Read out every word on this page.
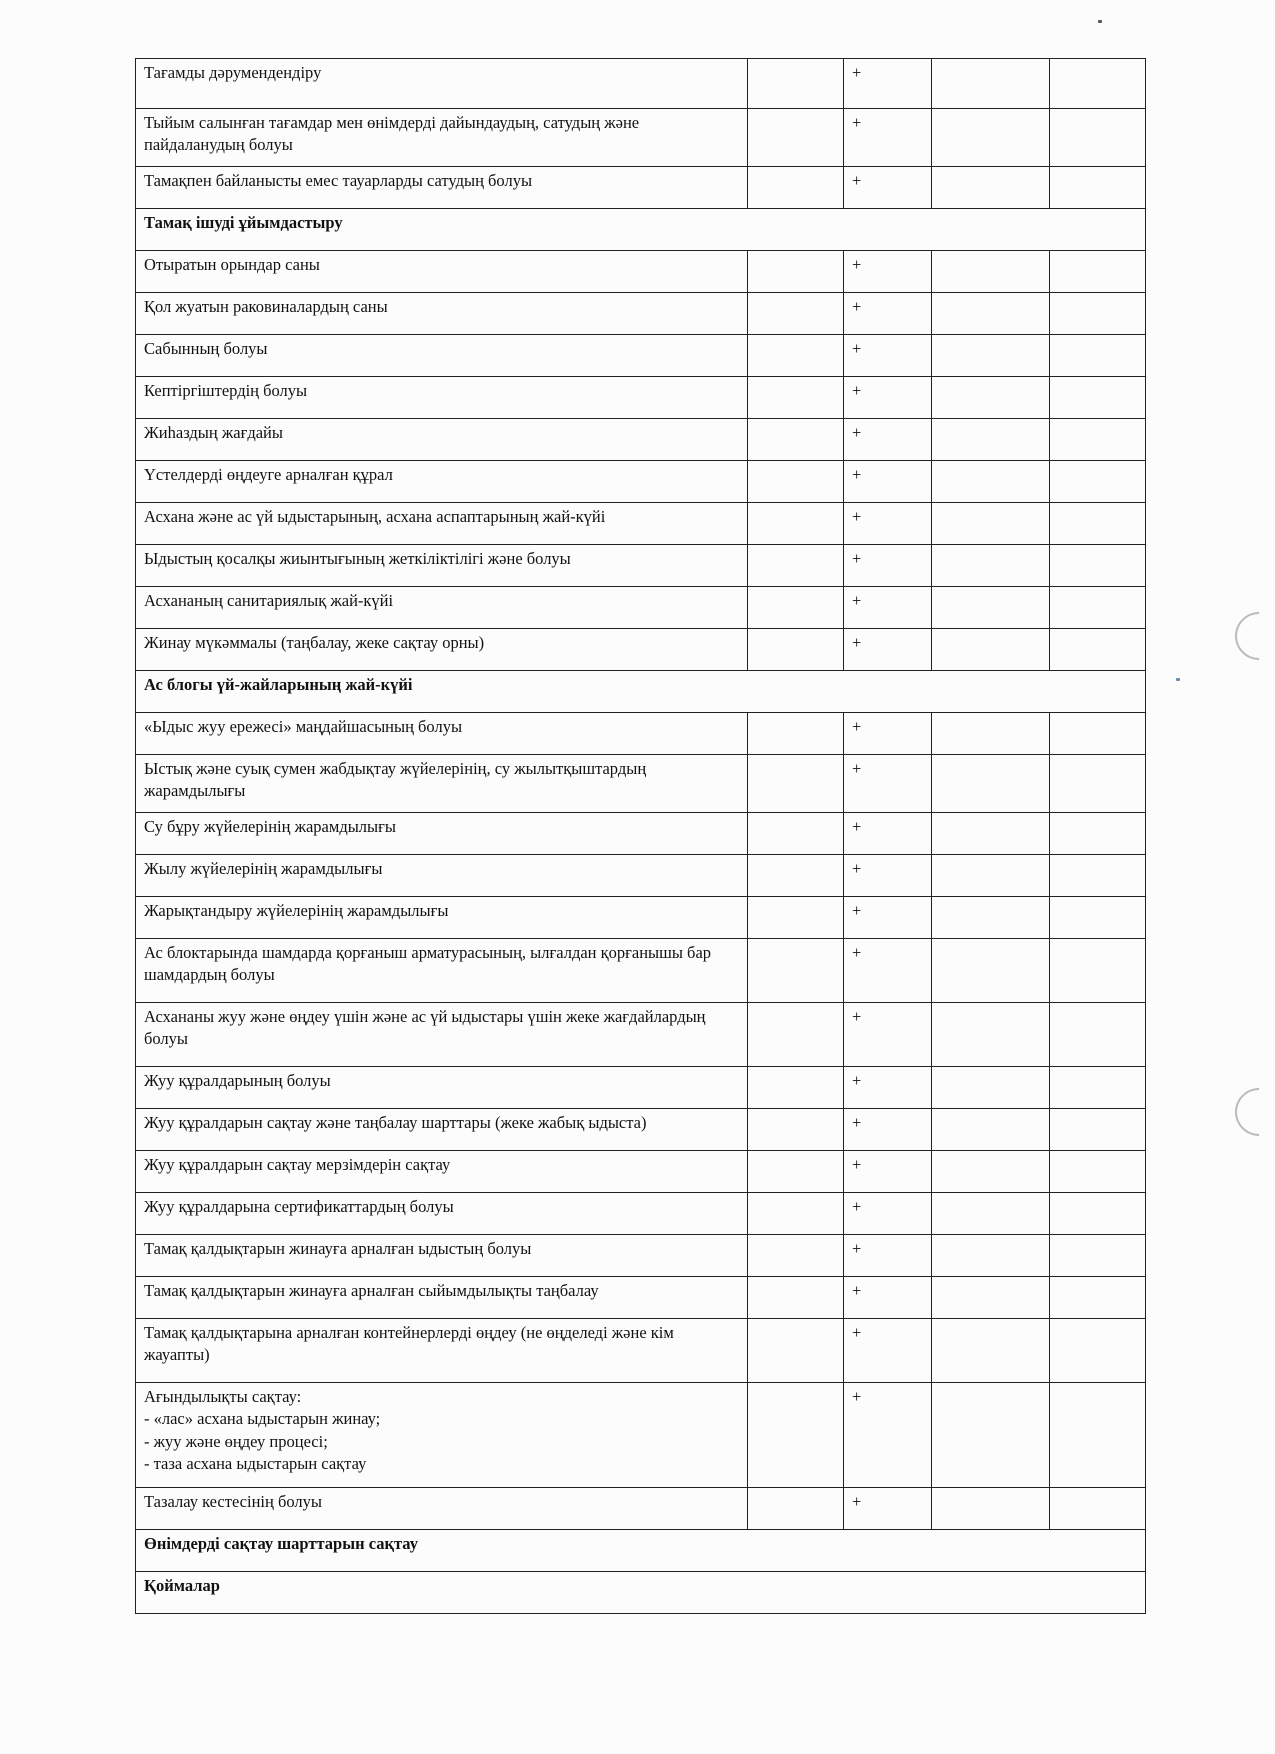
Тағамды дәрумендендіру		+		
Тыйым салынған тағамдар мен өнімдерді дайындаудың, сатудың және пайдаланудың болуы		+		
Тамақпен байланысты емес тауарларды сатудың болуы		+		
Тамақ ішуді ұйымдастыру				
Отыратын орындар саны		+		
Қол жуатын раковиналардың саны		+		
Сабынның болуы		+		
Кептіргіштердің болуы		+		
Жиһаздың жағдайы		+		
Үстелдерді өңдеуге арналған құрал		+		
Асхана және ас үй ыдыстарының, асхана аспаптарының жай-күйі		+		
Ыдыстың қосалқы жиынтығының жеткіліктілігі және болуы		+		
Асхананың санитариялық жай-күйі		+		
Жинау мүкәммалы (таңбалау, жеке сақтау орны)		+		
Ас блогы үй-жайларының жай-күйі				
«Ыдыс жуу ережесі» маңдайшасының болуы		+		
Ыстық және суық сумен жабдықтау жүйелерінің, су жылытқыштардың жарамдылығы		+		
Су бұру жүйелерінің жарамдылығы		+		
Жылу жүйелерінің жарамдылығы		+		
Жарықтандыру жүйелерінің жарамдылығы		+		
Ас блоктарында шамдарда қорғаныш арматурасының, ылғалдан қорғанышы бар шамдардың болуы		+		
Асхананы жуу және өңдеу үшін және ас үй ыдыстары үшін жеке жағдайлардың болуы		+		
Жуу құралдарының болуы		+		
Жуу құралдарын сақтау және таңбалау шарттары (жеке жабық ыдыста)		+		
Жуу құралдарын сақтау мерзімдерін сақтау		+		
Жуу құралдарына сертификаттардың болуы		+		
Тамақ қалдықтарын жинауға арналған ыдыстың болуы		+		
Тамақ қалдықтарын жинауға арналған сыйымдылықты таңбалау		+		
Тамақ қалдықтарына арналған контейнерлерді өңдеу (не өңделеді және кім жауапты)		+		
Ағындылықты сақтау:
- «лас» асхана ыдыстарын жинау;
- жуу және өңдеу процесі;
- таза асхана ыдыстарын сақтау		+		
Тазалау кестесінің болуы		+		
Өнімдерді сақтау шарттарын сақтау				
Қоймалар				
